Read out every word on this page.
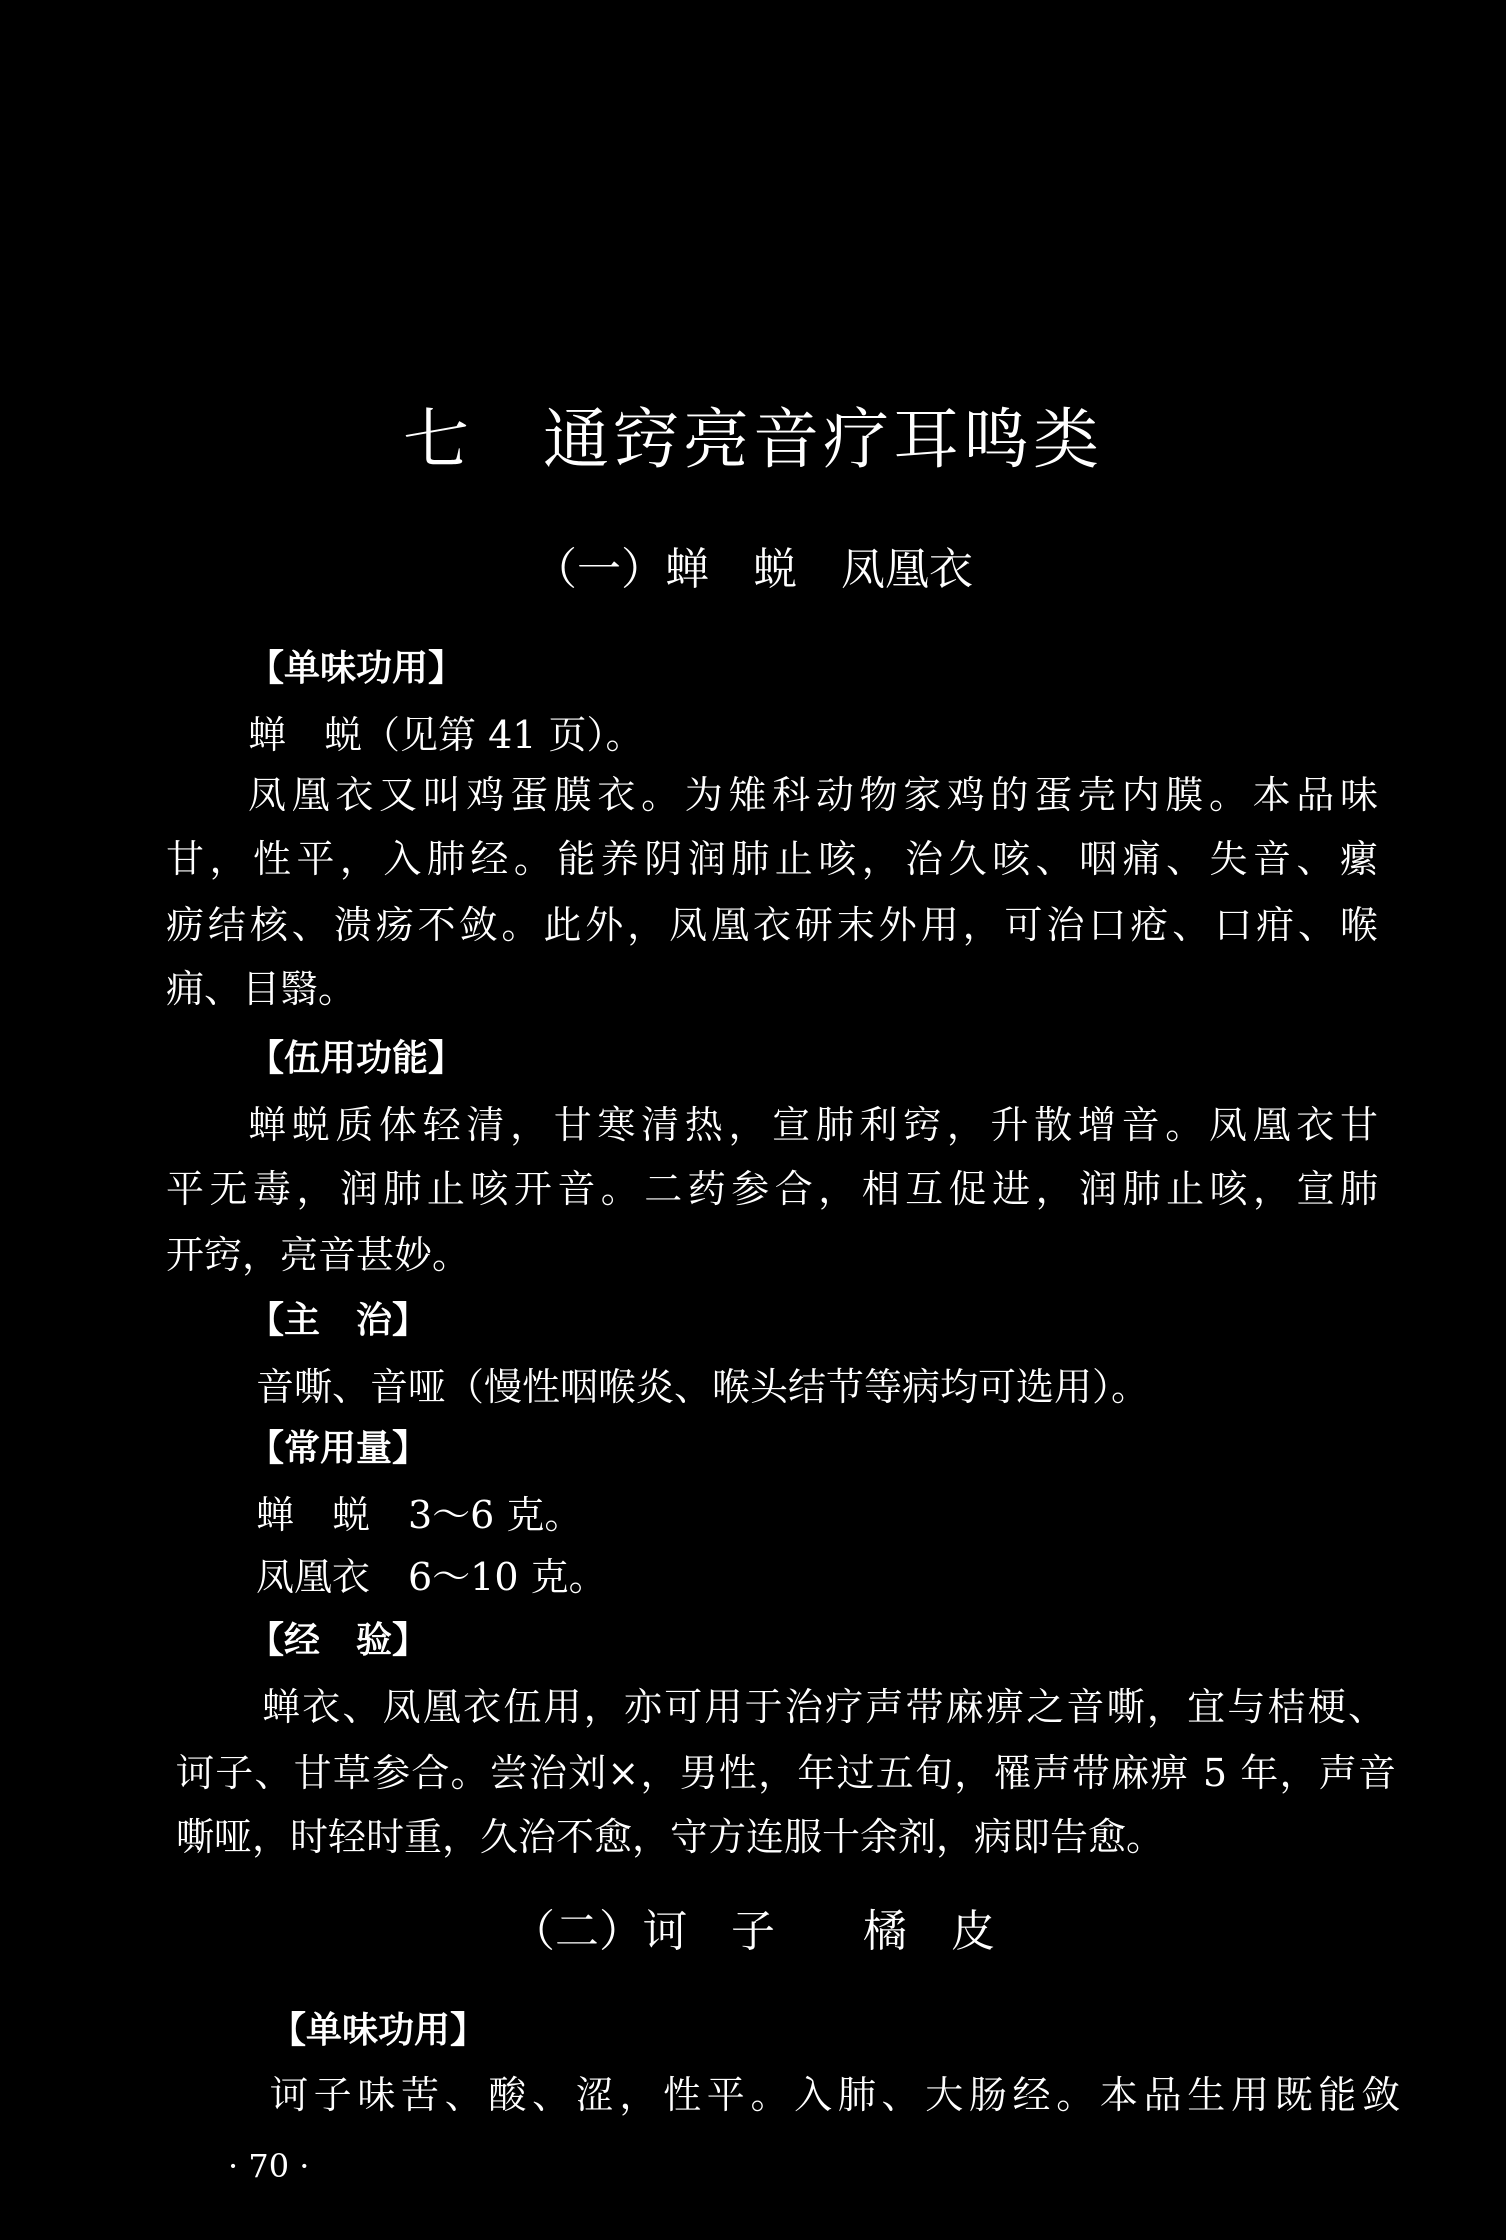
七 通窍亮音疗耳鸣类
（一）蝉　蜕　凤凰衣
【单味功用】
蝉　蜕（见第 41 页）。
凤凰衣又叫鸡蛋膜衣。为雉科动物家鸡的蛋壳内膜。本品味
甘，性平，入肺经。能养阴润肺止咳，治久咳、咽痛、失音、瘰
疬结核、溃疡不敛。此外，凤凰衣研末外用，可治口疮、口疳、喉
痈、目翳。
【伍用功能】
蝉蜕质体轻清，甘寒清热，宣肺利窍，升散增音。凤凰衣甘
平无毒，润肺止咳开音。二药参合，相互促进，润肺止咳，宣肺
开窍，亮音甚妙。
【主　治】
音嘶、音哑（慢性咽喉炎、喉头结节等病均可选用）。
【常用量】
蝉　蜕　3～6 克。
凤凰衣　6～10 克。
【经　验】
蝉衣、凤凰衣伍用，亦可用于治疗声带麻痹之音嘶，宜与桔梗、
诃子、甘草参合。尝治刘×，男性，年过五旬，罹声带麻痹 5 年，声音
嘶哑，时轻时重，久治不愈，守方连服十余剂，病即告愈。
（二）诃　子　　橘　皮
【单味功用】
诃子味苦、酸、涩，性平。入肺、大肠经。本品生用既能敛
· 70 ·
